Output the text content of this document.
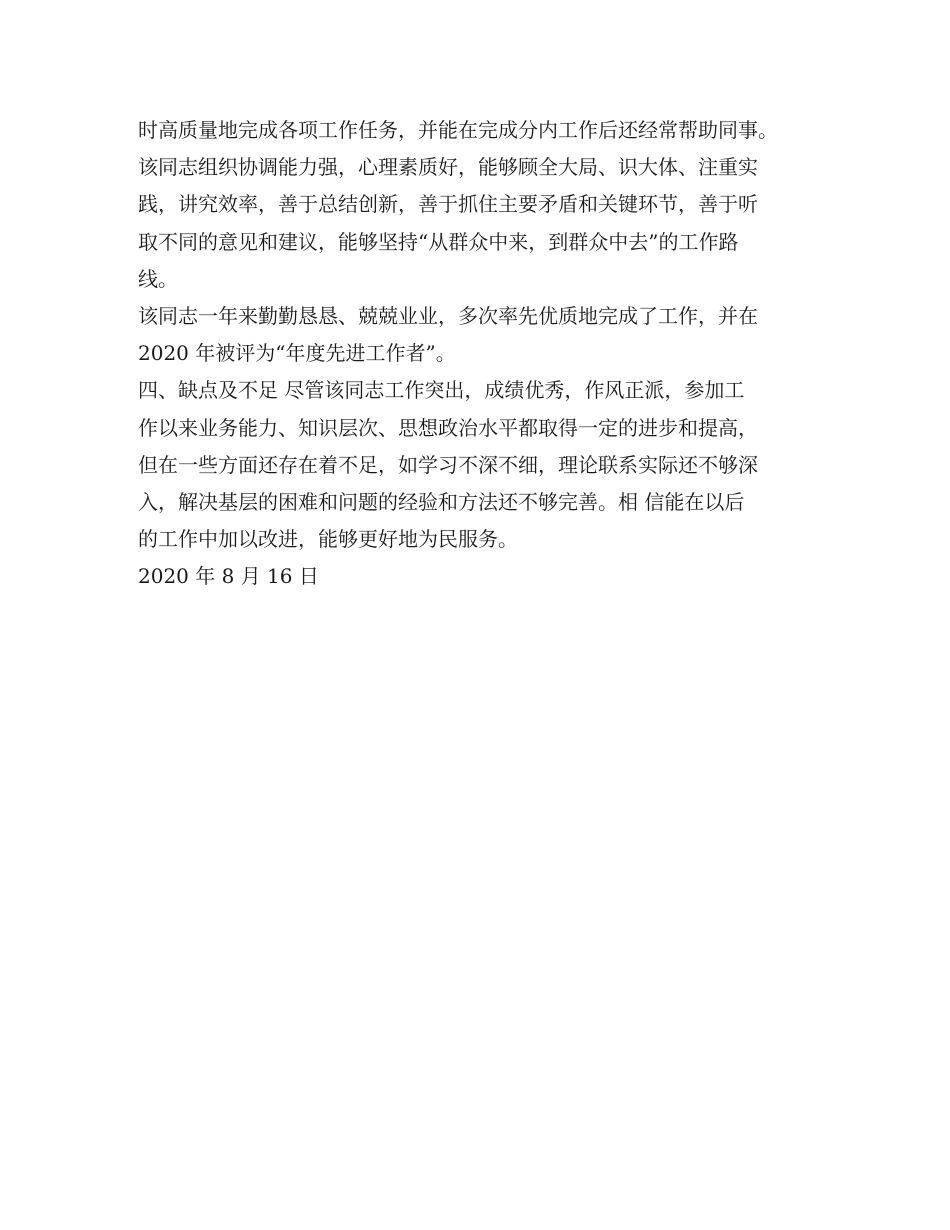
时高质量地完成各项工作任务，并能在完成分内工作后还经常帮助同事。
该同志组织协调能力强，心理素质好，能够顾全大局、识大体、注重实
践，讲究效率，善于总结创新，善于抓住主要矛盾和关键环节，善于听
取不同的意见和建议，能够坚持“从群众中来，到群众中去”的工作路
线。
该同志一年来勤勤恳恳、兢兢业业，多次率先优质地完成了工作，并在
2020 年被评为“年度先进工作者”。
四、缺点及不足 尽管该同志工作突出，成绩优秀，作风正派，参加工
作以来业务能力、知识层次、思想政治水平都取得一定的进步和提高，
但在一些方面还存在着不足，如学习不深不细，理论联系实际还不够深
入，解决基层的困难和问题的经验和方法还不够完善。相 信能在以后
的工作中加以改进，能够更好地为民服务。
2020 年 8 月 16 日
